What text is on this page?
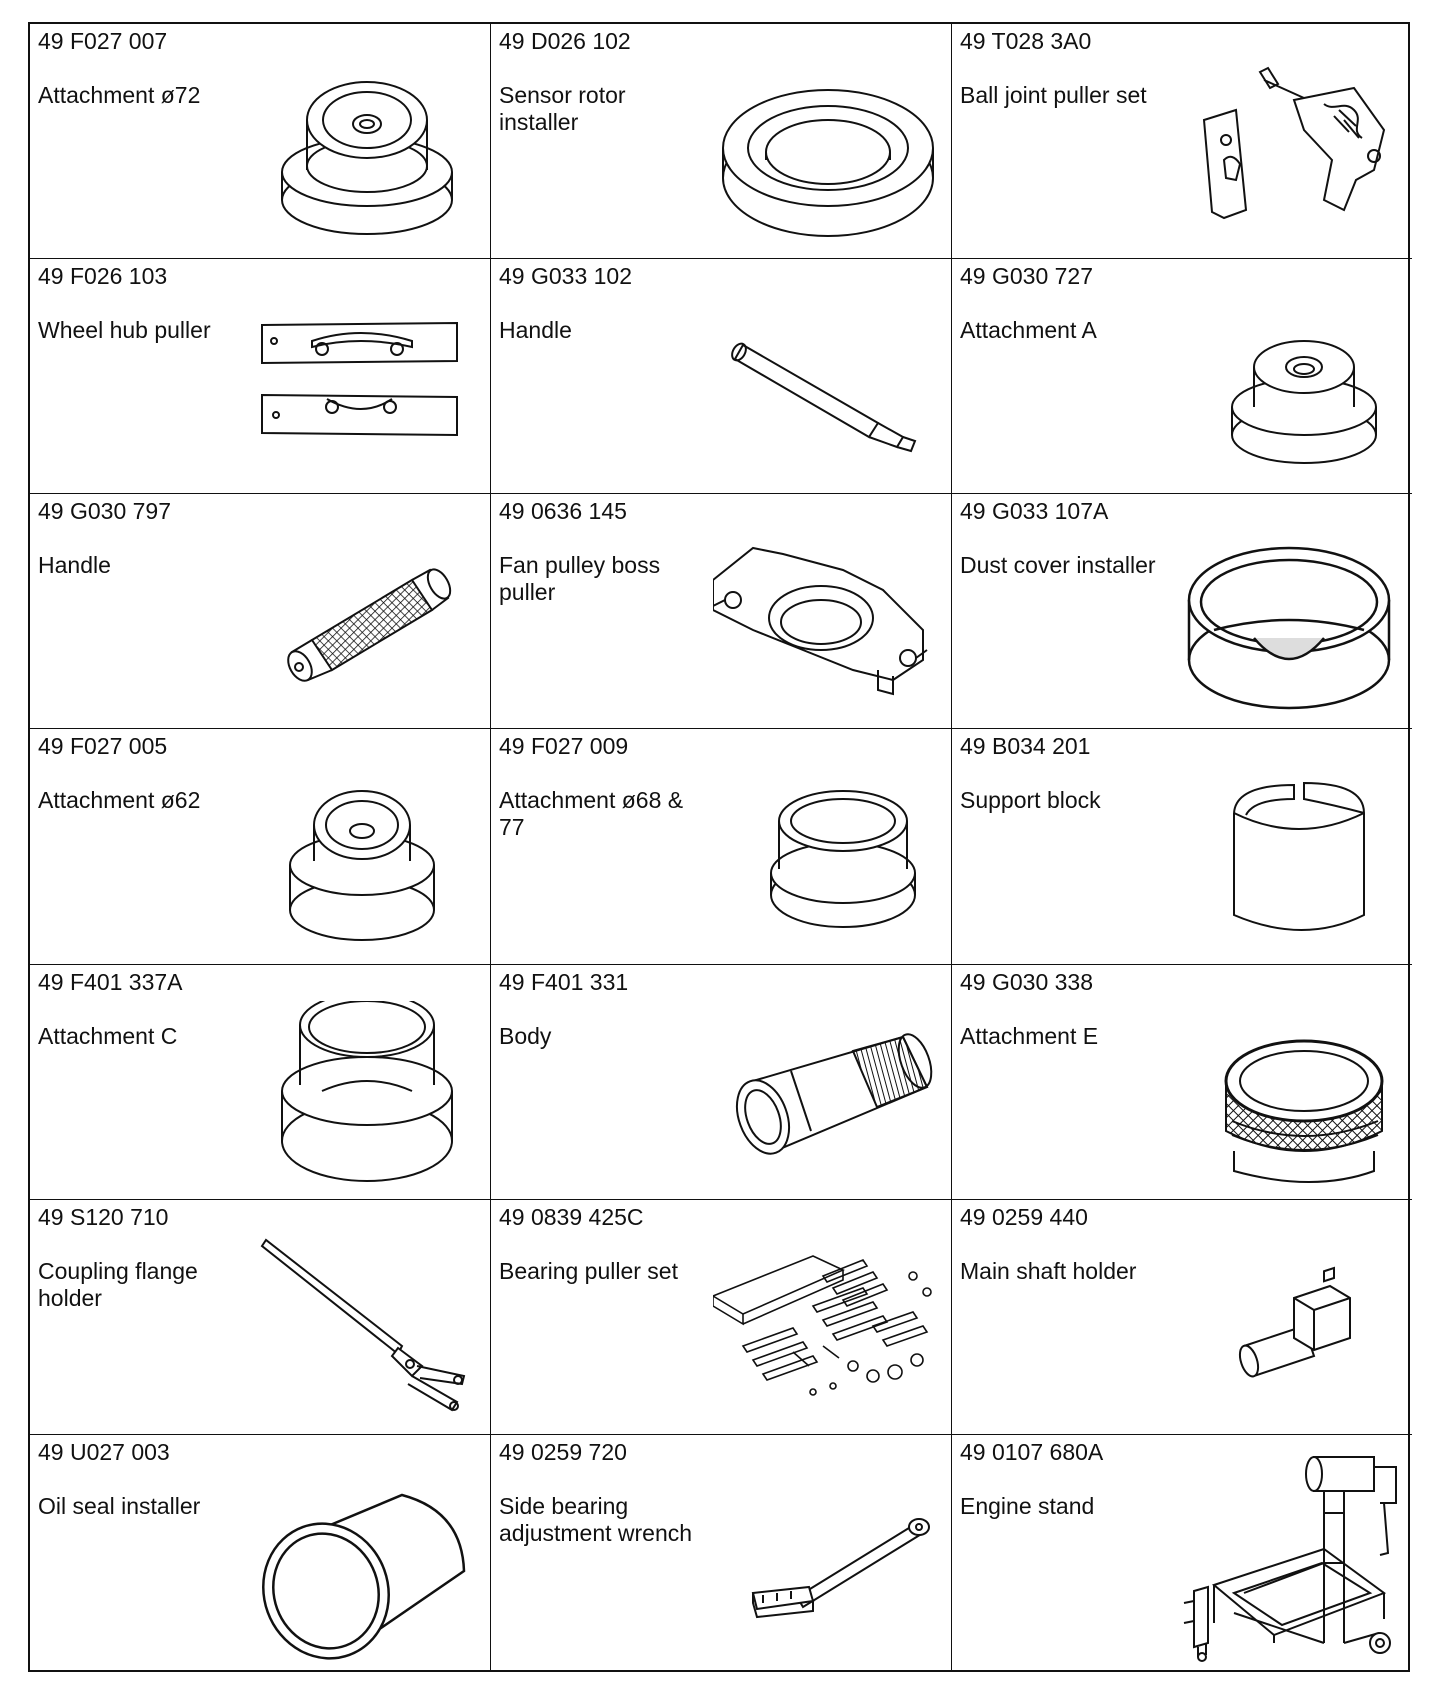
49 F027 007
Attachment ø72
49 D026 102
Sensor rotor installer
49 T028 3A0
Ball joint puller set
49 F026 103
Wheel hub puller
49 G033 102
Handle
49 G030 727
Attachment A
49 G030 797
Handle
49 0636 145
Fan pulley boss puller
49 G033 107A
Dust cover installer
49 F027 005
Attachment ø62
49 F027 009
Attachment ø68 & 77
49 B034 201
Support block
49 F401 337A
Attachment C
49 F401 331
Body
49 G030 338
Attachment E
49 S120 710
Coupling flange holder
49 0839 425C
Bearing puller set
49 0259 440
Main shaft holder
49 U027 003
Oil seal installer
49 0259 720
Side bearing adjustment wrench
49 0107 680A
Engine stand
